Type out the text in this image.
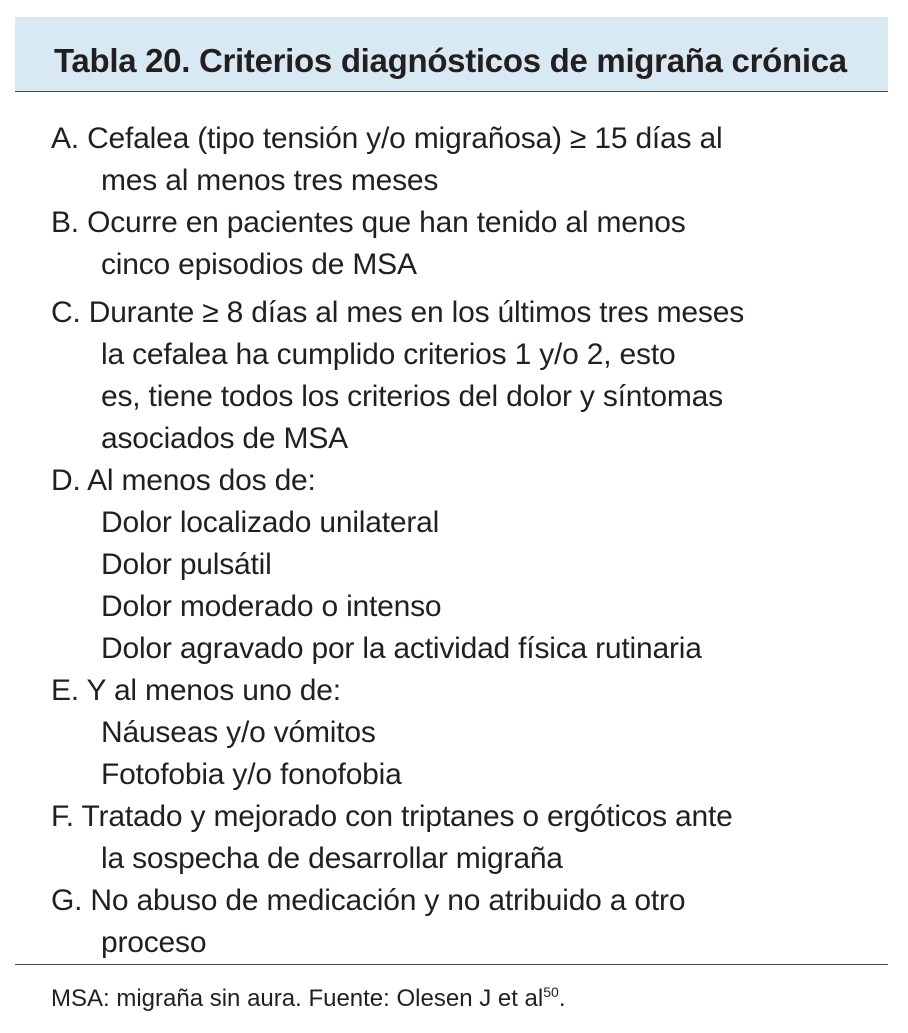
Tabla 20. Criterios diagnósticos de migraña crónica
A. Cefalea (tipo tensión y/o migrañosa) ≥ 15 días al
mes al menos tres meses
B. Ocurre en pacientes que han tenido al menos
cinco episodios de MSA
C. Durante ≥ 8 días al mes en los últimos tres meses
la cefalea ha cumplido criterios 1 y/o 2, esto
es, tiene todos los criterios del dolor y síntomas
asociados de MSA
D. Al menos dos de:
Dolor localizado unilateral
Dolor pulsátil
Dolor moderado o intenso
Dolor agravado por la actividad física rutinaria
E. Y al menos uno de:
Náuseas y/o vómitos
Fotofobia y/o fonofobia
F. Tratado y mejorado con triptanes o ergóticos ante
la sospecha de desarrollar migraña
G. No abuso de medicación y no atribuido a otro
proceso
MSA: migraña sin aura. Fuente: Olesen J et $al^{50}$.
